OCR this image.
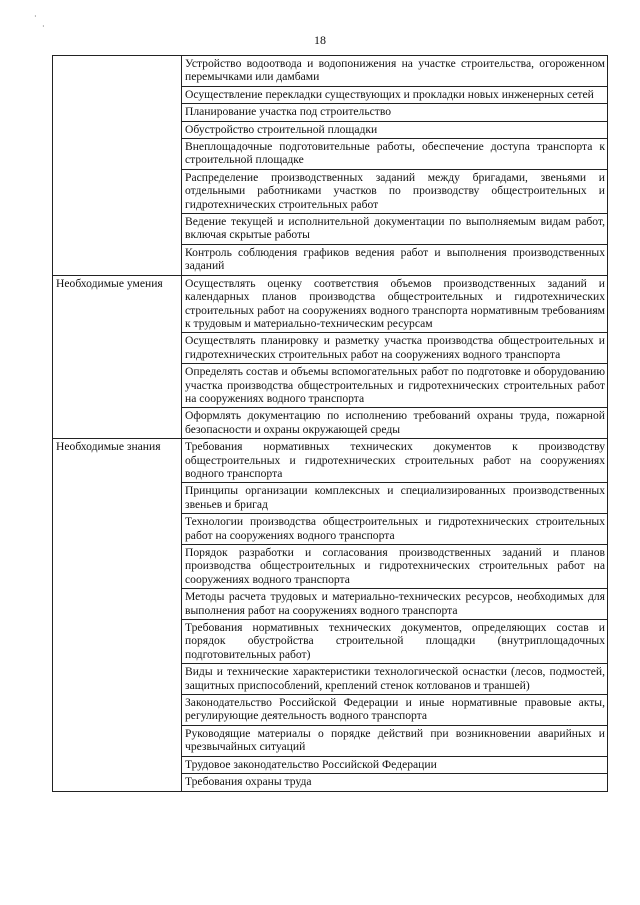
·
·
18
	Устройство водоотвода и водопонижения на участке строительства, огороженном перемычками или дамбами
	Осуществление перекладки существующих и прокладки новых инженерных сетей
	Планирование участка под строительство
	Обустройство строительной площадки
	Внеплощадочные подготовительные работы, обеспечение доступа транспорта к строительной площадке
	Распределение производственных заданий между бригадами, звеньями и отдельными работниками участков по производству общестроительных и гидротехнических строительных работ
	Ведение текущей и исполнительной документации по выполняемым видам работ, включая скрытые работы
	Контроль соблюдения графиков ведения работ и выполнения производственных заданий
Необходимые умения	Осуществлять оценку соответствия объемов производственных заданий и календарных планов производства общестроительных и гидротехнических строительных работ на сооружениях водного транспорта нормативным требованиям к трудовым и материально-техническим ресурсам
	Осуществлять планировку и разметку участка производства общестроительных и гидротехнических строительных работ на сооружениях водного транспорта
	Определять состав и объемы вспомогательных работ по подготовке и оборудованию участка производства общестроительных и гидротехнических строительных работ на сооружениях водного транспорта
	Оформлять документацию по исполнению требований охраны труда, пожарной безопасности и охраны окружающей среды
Необходимые знания	Требования нормативных технических документов к производству общестроительных и гидротехнических строительных работ на сооружениях водного транспорта
	Принципы организации комплексных и специализированных производственных звеньев и бригад
	Технологии производства общестроительных и гидротехнических строительных работ на сооружениях водного транспорта
	Порядок разработки и согласования производственных заданий и планов производства общестроительных и гидротехнических строительных работ на сооружениях водного транспорта
	Методы расчета трудовых и материально-технических ресурсов, необходимых для выполнения работ на сооружениях водного транспорта
	Требования нормативных технических документов, определяющих состав и порядок обустройства строительной площадки (внутриплощадочных подготовительных работ)
	Виды и технические характеристики технологической оснастки (лесов, подмостей, защитных приспособлений, креплений стенок котлованов и траншей)
	Законодательство Российской Федерации и иные нормативные правовые акты, регулирующие деятельность водного транспорта
	Руководящие материалы о порядке действий при возникновении аварийных и чрезвычайных ситуаций
	Трудовое законодательство Российской Федерации
	Требования охраны труда
